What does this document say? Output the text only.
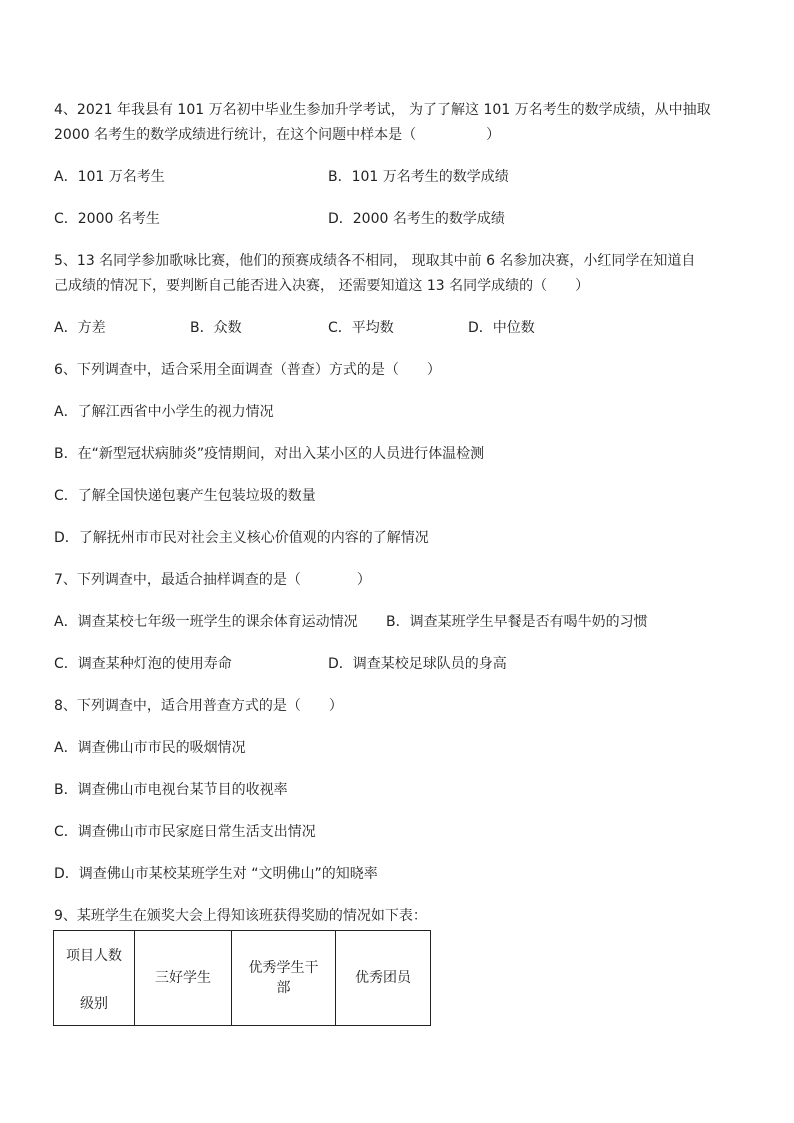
4、2021 年我县有 101 万名初中毕业生参加升学考试， 为了了解这 101 万名考生的数学成绩，从中抽取
2000 名考生的数学成绩进行统计，在这个问题中样本是（　　　　　）
A．101 万名考生	B．101 万名考生的数学成绩
C．2000 名考生	D．2000 名考生的数学成绩
5、13 名同学参加歌咏比赛，他们的预赛成绩各不相同， 现取其中前 6 名参加决赛，小红同学在知道自
己成绩的情况下，要判断自己能否进入决赛， 还需要知道这 13 名同学成绩的（　　）
A．方差	B．众数	C．平均数	D．中位数
6、下列调查中，适合采用全面调查（普查）方式的是（　　）
A．了解江西省中小学生的视力情况
B．在“新型冠状病肺炎”疫情期间，对出入某小区的人员进行体温检测
C．了解全国快递包裹产生包装垃圾的数量
D．了解抚州市市民对社会主义核心价值观的内容的了解情况
7、下列调查中，最适合抽样调查的是（　　　　）
A．调查某校七年级一班学生的课余体育运动情况 B．调查某班学生早餐是否有喝牛奶的习惯
C．调查某种灯泡的使用寿命	D．调查某校足球队员的身高
8、下列调查中，适合用普查方式的是（　　）
A．调查佛山市市民的吸烟情况
B．调查佛山市电视台某节目的收视率
C．调查佛山市市民家庭日常生活支出情况
D．调查佛山市某校某班学生对 “文明佛山”的知晓率
9、某班学生在颁奖大会上得知该班获得奖励的情况如下表：
项目人数
级别
	三好学生	
优秀学生干
部
	优秀团员
